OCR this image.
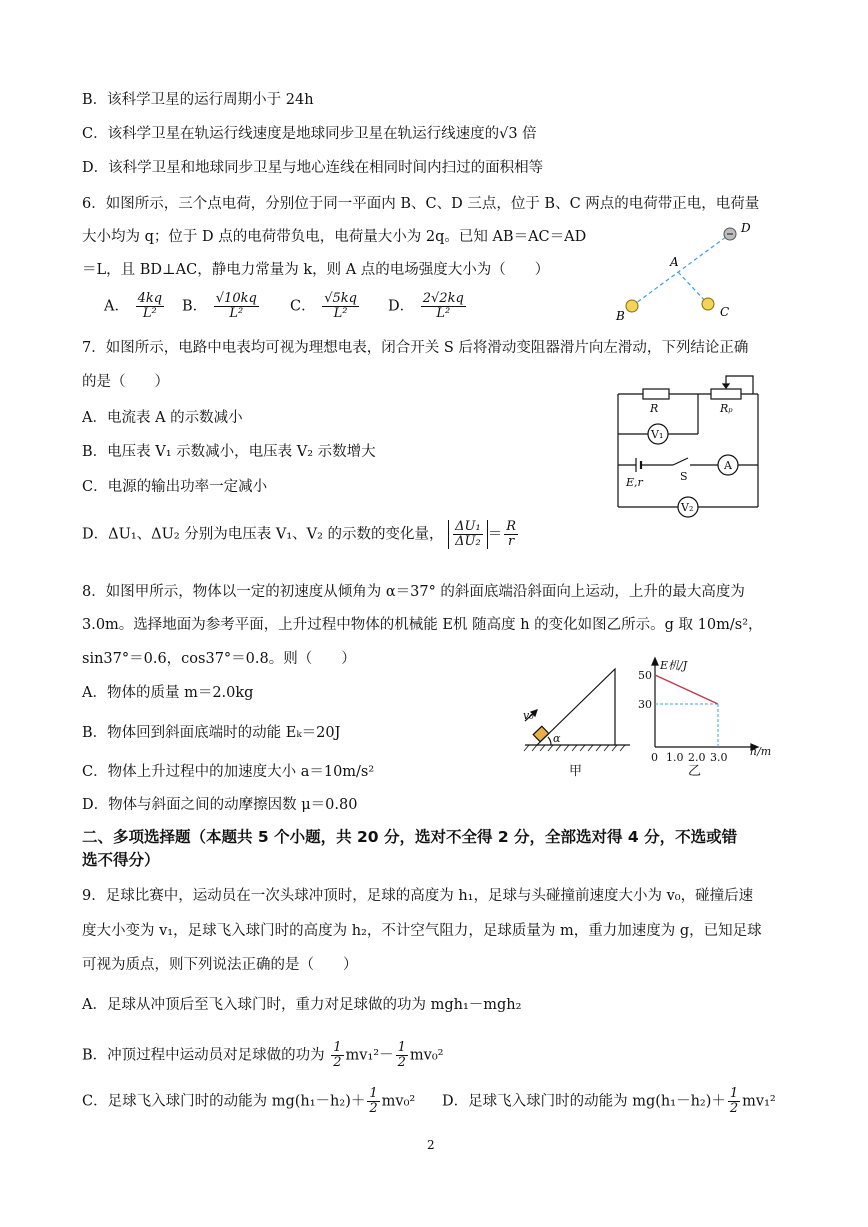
B．该科学卫星的运行周期小于 24h
C．该科学卫星在轨运行线速度是地球同步卫星在轨运行线速度的√3 倍
D．该科学卫星和地球同步卫星与地心连线在相同时间内扫过的面积相等
6．如图所示，三个点电荷，分别位于同一平面内 B、C、D 三点，位于 B、C 两点的电荷带正电，电荷量
大小均为 q；位于 D 点的电荷带负电，电荷量大小为 2q。已知 AB＝AC＝AD
＝L，且 BD⊥AC，静电力常量为 k，则 A 点的电场强度大小为（　　）
A． $\frac{4kq}{\text{L²}}$ B． $\frac{√10kq}{\text{L²}}$ C． $\frac{√5kq}{\text{L²}}$ D． $\frac{2√2kq}{\text{L²}}$
D
A
B	C
7．如图所示，电路中电表均可视为理想电表，闭合开关 S 后将滑动变阻器滑片向左滑动，下列结论正确
的是（　　）
A．电流表 A 的示数减小
B．电压表 V₁ 示数减小，电压表 V₂ 示数增大
C．电源的输出功率一定减小
D．ΔU₁、ΔU₂ 分别为电压表 V₁、V₂ 的示数的变化量， $\frac{\text{ΔU₁}}{\text{ΔU₂}} = \frac{R}{r}$
R	Rₚ
V₁
A
S
E,r
V₂
8．如图甲所示，物体以一定的初速度从倾角为 α＝37° 的斜面底端沿斜面向上运动，上升的最大高度为
3.0m。选择地面为参考平面，上升过程中物体的机械能 E机 随高度 h 的变化如图乙所示。g 取 10m/s²，
sin37°＝0.6，cos37°＝0.8。则（　　）
A．物体的质量 m＝2.0kg
B．物体回到斜面底端时的动能 Eₖ＝20J
C．物体上升过程中的加速度大小 a＝10m/s²
D．物体与斜面之间的动摩擦因数 μ＝0.80
v₀
α
甲
E机/J
50
30
0 1.0 2.0 3.0 h/m
乙
二、多项选择题（本题共 5 个小题，共 20 分，选对不全得 2 分，全部选对得 4 分，不选或错
选不得分）
9．足球比赛中，运动员在一次头球冲顶时，足球的高度为 h₁，足球与头碰撞前速度大小为 v₀，碰撞后速
度大小变为 v₁，足球飞入球门时的高度为 h₂，不计空气阻力，足球质量为 m，重力加速度为 g，已知足球
可视为质点，则下列说法正确的是（　　）
A．足球从冲顶后至飞入球门时，重力对足球做的功为 mgh₁－mgh₂
B．冲顶过程中运动员对足球做的功为 $\frac{1}{2} mv_1^2- \frac{1}{2} mv_0^2$
C．足球飞入球门时的动能为 $mg(h_1-h_2)+ \frac{1}{2} mv_0^2$ D．足球飞入球门时的动能为 $mg(h_1-h_2)+ \frac{1}{2} mv_1^2$
2
